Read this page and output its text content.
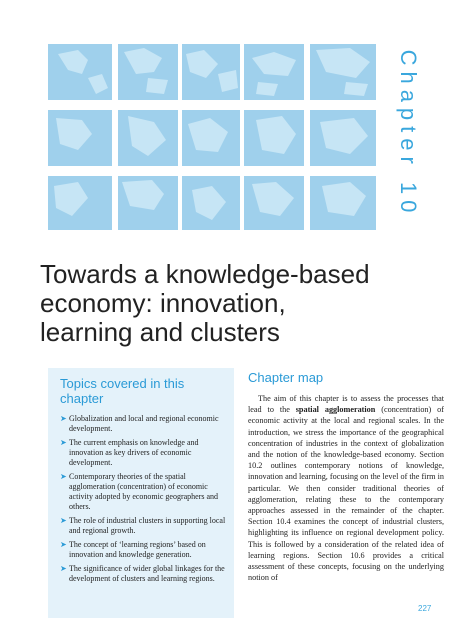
Chapter 10
Towards a knowledge-based
economy: innovation,
learning and clusters
Topics covered in this chapter
➤ Globalization and local and regional economic development.
➤ The current emphasis on knowledge and innovation as key drivers of economic development.
➤ Contemporary theories of the spatial agglomeration (concentration) of economic activity adopted by economic geographers and others.
➤ The role of industrial clusters in supporting local and regional growth.
➤ The concept of ‘learning regions’ based on innovation and knowledge generation.
➤ The significance of wider global linkages for the development of clusters and learning regions.
Chapter map

The aim of this chapter is to assess the processes that lead to the spatial agglomeration (concentration) of economic activity at the local and regional scales. In the introduction, we stress the importance of the geographical concentration of industries in the context of globalization and the notion of the knowledge-based economy. Section 10.2 outlines contemporary notions of knowledge, innovation and learning, focusing on the level of the firm in particular. We then consider traditional theories of agglomeration, relating these to the contemporary approaches assessed in the remainder of the chapter. Section 10.4 examines the concept of industrial clusters, highlighting its influence on regional development policy. This is followed by a consideration of the related idea of learning regions. Section 10.6 provides a critical assessment of these concepts, focusing on the underlying notion of

227
